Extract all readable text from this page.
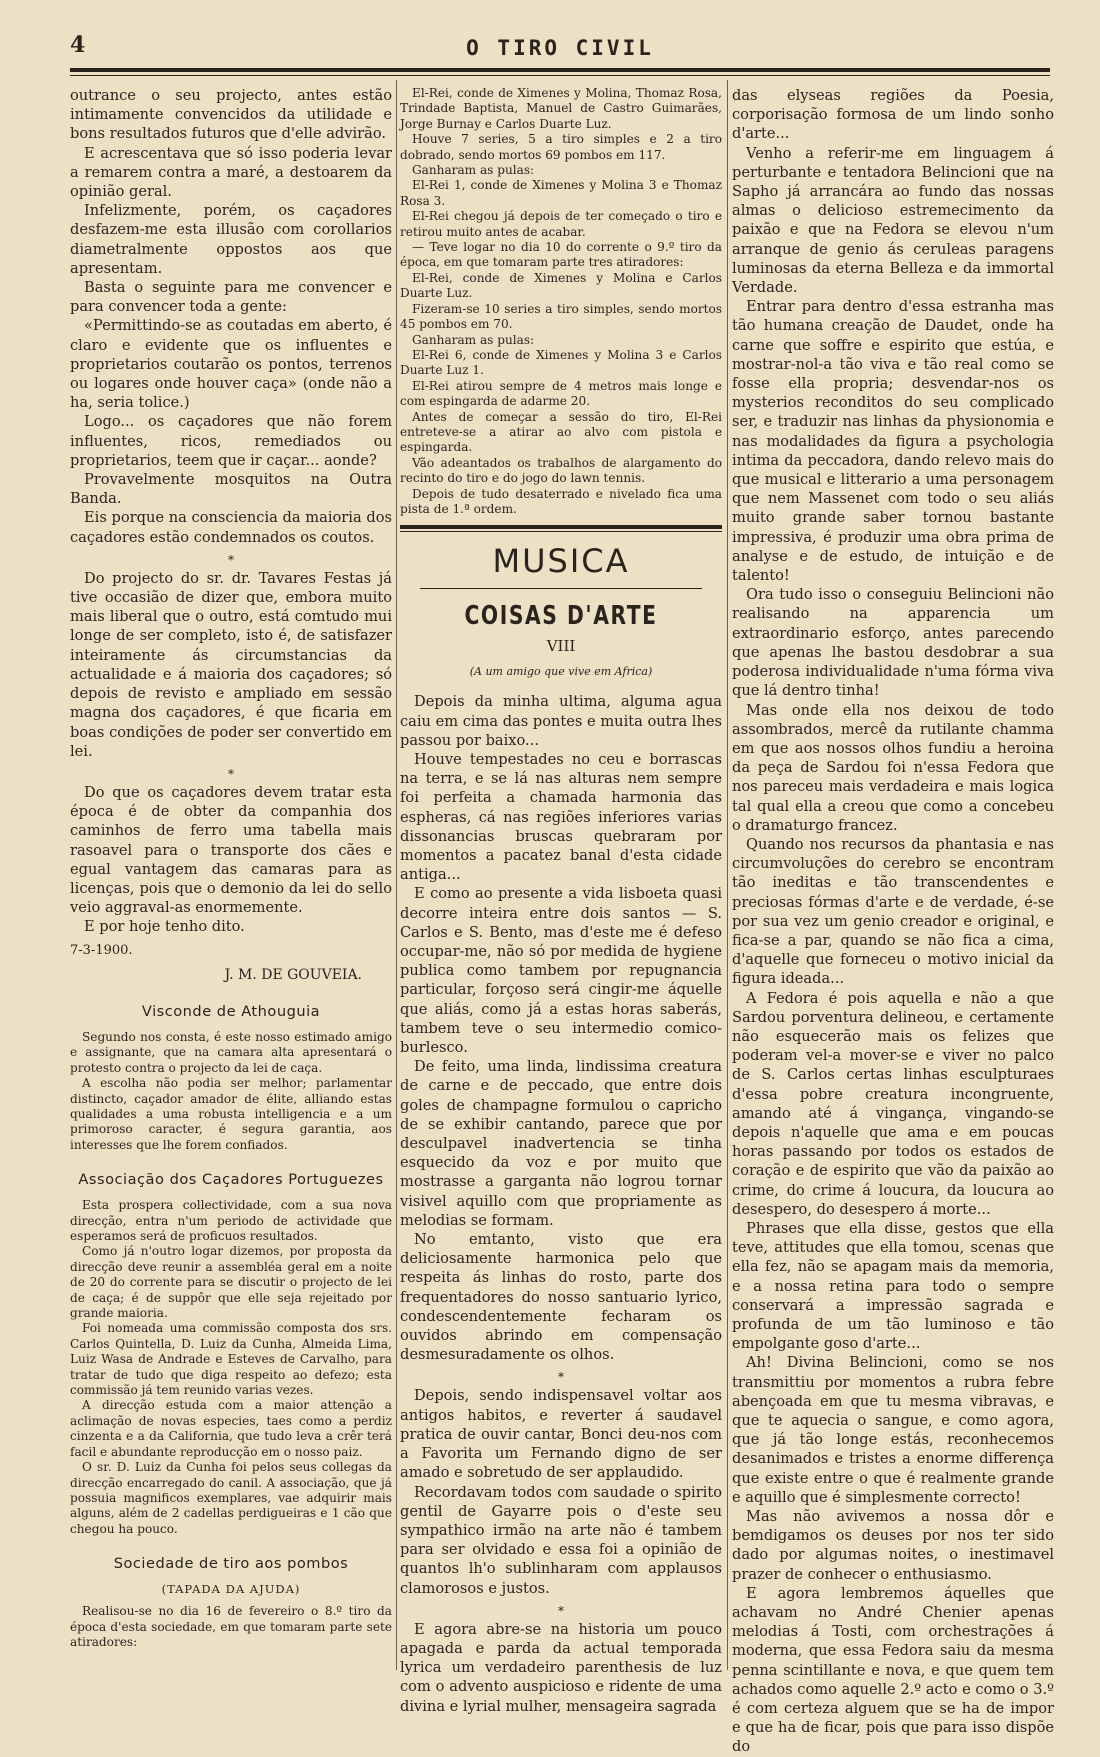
4	O TIRO CIVIL

outrance o seu projecto, antes estão intimamente convencidos da utilidade e bons resultados futuros que d'elle advirão.

E acrescentava que só isso poderia levar a remarem contra a maré, a destoarem da opinião geral.

Infelizmente, porém, os caçadores desfazem-me esta illusão com corollarios diametralmente oppostos aos que apresentam.

Basta o seguinte para me convencer e para convencer toda a gente:

«Permittindo-se as coutadas em aberto, é claro e evidente que os influentes e proprietarios coutarão os pontos, terrenos ou logares onde houver caça» (onde não a ha, seria tolice.)

Logo... os caçadores que não forem influentes, ricos, remediados ou proprietarios, teem que ir caçar... aonde?

Provavelmente mosquitos na Outra Banda.

Eis porque na consciencia da maioria dos caçadores estão condemnados os coutos.

*

Do projecto do sr. dr. Tavares Festas já tive occasião de dizer que, embora muito mais liberal que o outro, está comtudo mui longe de ser completo, isto é, de satisfazer inteiramente ás circumstancias da actualidade e á maioria dos caçadores; só depois de revisto e ampliado em sessão magna dos caçadores, é que ficaria em boas condições de poder ser convertido em lei.

*

Do que os caçadores devem tratar esta época é de obter da companhia dos caminhos de ferro uma tabella mais rasoavel para o transporte dos cães e egual vantagem das camaras para as licenças, pois que o demonio da lei do sello veio aggraval-as enormemente.

E por hoje tenho dito.

7-3-1900.

J. M. DE GOUVEIA.

Visconde de Athouguia

Segundo nos consta, é este nosso estimado amigo e assignante, que na camara alta apresentará o protesto contra o projecto da lei de caça.

A escolha não podia ser melhor; parlamentar distincto, caçador amador de élite, alliando estas qualidades a uma robusta intelligencia e a um primoroso caracter, é segura garantia, aos interesses que lhe forem confiados.

Associação dos Caçadores Portuguezes

Esta prospera collectividade, com a sua nova direcção, entra n'um periodo de actividade que esperamos será de proficuos resultados.

Como já n'outro logar dizemos, por proposta da direcção deve reunir a assembléa geral em a noite de 20 do corrente para se discutir o projecto de lei de caça; é de suppôr que elle seja rejeitado por grande maioria.

Foi nomeada uma commissão composta dos srs. Carlos Quintella, D. Luiz da Cunha, Almeida Lima, Luiz Wasa de Andrade e Esteves de Carvalho, para tratar de tudo que diga respeito ao defezo; esta commissão já tem reunido varias vezes.

A direcção estuda com a maior attenção a aclimação de novas especies, taes como a perdiz cinzenta e a da California, que tudo leva a crêr terá facil e abundante reproducção em o nosso paiz.

O sr. D. Luiz da Cunha foi pelos seus collegas da direcção encarregado do canil. A associação, que já possuia magnificos exemplares, vae adquirir mais alguns, além de 2 cadellas perdigueiras e 1 cão que chegou ha pouco.

Sociedade de tiro aos pombos
(TAPADA DA AJUDA)

Realisou-se no dia 16 de fevereiro o 8.º tiro da época d'esta sociedade, em que tomaram parte sete atiradores:

El-Rei, conde de Ximenes y Molina, Thomaz Rosa, Trindade Baptista, Manuel de Castro Guimarães, Jorge Burnay e Carlos Duarte Luz.

Houve 7 series, 5 a tiro simples e 2 a tiro dobrado, sendo mortos 69 pombos em 117.

Ganharam as pulas:

El-Rei 1, conde de Ximenes y Molina 3 e Thomaz Rosa 3.

El-Rei chegou já depois de ter começado o tiro e retirou muito antes de acabar.

— Teve logar no dia 10 do corrente o 9.º tiro da época, em que tomaram parte tres atiradores:

El-Rei, conde de Ximenes y Molina e Carlos Duarte Luz.

Fizeram-se 10 series a tiro simples, sendo mortos 45 pombos em 70.

Ganharam as pulas:

El-Rei 6, conde de Ximenes y Molina 3 e Carlos Duarte Luz 1.

El-Rei atirou sempre de 4 metros mais longe e com espingarda de adarme 20.

Antes de começar a sessão do tiro, El-Rei entreteve-se a atirar ao alvo com pistola e espingarda.

Vão adeantados os trabalhos de alargamento do recinto do tiro e do jogo do lawn tennis.

Depois de tudo desaterrado e nivelado fica uma pista de 1.ª ordem.

MUSICA
COISAS D'ARTE
VIII
(A um amigo que vive em Africa)

Depois da minha ultima, alguma agua caiu em cima das pontes e muita outra lhes passou por baixo...

Houve tempestades no ceu e borrascas na terra, e se lá nas alturas nem sempre foi perfeita a chamada harmonia das espheras, cá nas regiões inferiores varias dissonancias bruscas quebraram por momentos a pacatez banal d'esta cidade antiga...

E como ao presente a vida lisboeta quasi decorre inteira entre dois santos — S. Carlos e S. Bento, mas d'este me é defeso occupar-me, não só por medida de hygiene publica como tambem por repugnancia particular, forçoso será cingir-me áquelle que aliás, como já a estas horas saberás, tambem teve o seu intermedio comico-burlesco.

De feito, uma linda, lindissima creatura de carne e de peccado, que entre dois goles de champagne formulou o capricho de se exhibir cantando, parece que por desculpavel inadvertencia se tinha esquecido da voz e por muito que mostrasse a garganta não logrou tornar visivel aquillo com que propriamente as melodias se formam.

No emtanto, visto que era deliciosamente harmonica pelo que respeita ás linhas do rosto, parte dos frequentadores do nosso santuario lyrico, condescendentemente fecharam os ouvidos abrindo em compensação desmesuradamente os olhos.

*

Depois, sendo indispensavel voltar aos antigos habitos, e reverter á saudavel pratica de ouvir cantar, Bonci deu-nos com a Favorita um Fernando digno de ser amado e sobretudo de ser applaudido.

Recordavam todos com saudade o spirito gentil de Gayarre pois o d'este seu sympathico irmão na arte não é tambem para ser olvidado e essa foi a opinião de quantos lh'o sublinharam com applausos clamorosos e justos.

*

E agora abre-se na historia um pouco apagada e parda da actual temporada lyrica um verdadeiro parenthesis de luz com o advento auspicioso e ridente de uma divina e lyrial mulher, mensageira sagrada

das elyseas regiões da Poesia, corporisação formosa de um lindo sonho d'arte...

Venho a referir-me em linguagem á perturbante e tentadora Belincioni que na Sapho já arrancára ao fundo das nossas almas o delicioso estremecimento da paixão e que na Fedora se elevou n'um arranque de genio ás ceruleas paragens luminosas da eterna Belleza e da immortal Verdade.

Entrar para dentro d'essa estranha mas tão humana creação de Daudet, onde ha carne que soffre e espirito que estúa, e mostrar-nol-a tão viva e tão real como se fosse ella propria; desvendar-nos os mysterios reconditos do seu complicado ser, e traduzir nas linhas da physionomia e nas modalidades da figura a psychologia intima da peccadora, dando relevo mais do que musical e litterario a uma personagem que nem Massenet com todo o seu aliás muito grande saber tornou bastante impressiva, é produzir uma obra prima de analyse e de estudo, de intuição e de talento!

Ora tudo isso o conseguiu Belincioni não realisando na apparencia um extraordinario esforço, antes parecendo que apenas lhe bastou desdobrar a sua poderosa individualidade n'uma fórma viva que lá dentro tinha!

Mas onde ella nos deixou de todo assombrados, mercê da rutilante chamma em que aos nossos olhos fundiu a heroina da peça de Sardou foi n'essa Fedora que nos pareceu mais verdadeira e mais logica tal qual ella a creou que como a concebeu o dramaturgo francez.

Quando nos recursos da phantasia e nas circumvoluções do cerebro se encontram tão ineditas e tão transcendentes e preciosas fórmas d'arte e de verdade, é-se por sua vez um genio creador e original, e fica-se a par, quando se não fica a cima, d'aquelle que forneceu o motivo inicial da figura ideada...

A Fedora é pois aquella e não a que Sardou porventura delineou, e certamente não esquecerão mais os felizes que poderam vel-a mover-se e viver no palco de S. Carlos certas linhas esculpturaes d'essa pobre creatura incongruente, amando até á vingança, vingando-se depois n'aquelle que ama e em poucas horas passando por todos os estados de coração e de espirito que vão da paixão ao crime, do crime á loucura, da loucura ao desespero, do desespero á morte...

Phrases que ella disse, gestos que ella teve, attitudes que ella tomou, scenas que ella fez, não se apagam mais da memoria, e a nossa retina para todo o sempre conservará a impressão sagrada e profunda de um tão luminoso e tão empolgante goso d'arte...

Ah! Divina Belincioni, como se nos transmittiu por momentos a rubra febre abençoada em que tu mesma vibravas, e que te aquecia o sangue, e como agora, que já tão longe estás, reconhecemos desanimados e tristes a enorme differença que existe entre o que é realmente grande e aquillo que é simplesmente correcto!

Mas não avivemos a nossa dôr e bemdigamos os deuses por nos ter sido dado por algumas noites, o inestimavel prazer de conhecer o enthusiasmo.

E agora lembremos áquelles que achavam no André Chenier apenas melodias á Tosti, com orchestrações á moderna, que essa Fedora saiu da mesma penna scintillante e nova, e que quem tem achados como aquelle 2.º acto e como o 3.º é com certeza alguem que se ha de impor e que ha de ficar, pois que para isso dispõe do
